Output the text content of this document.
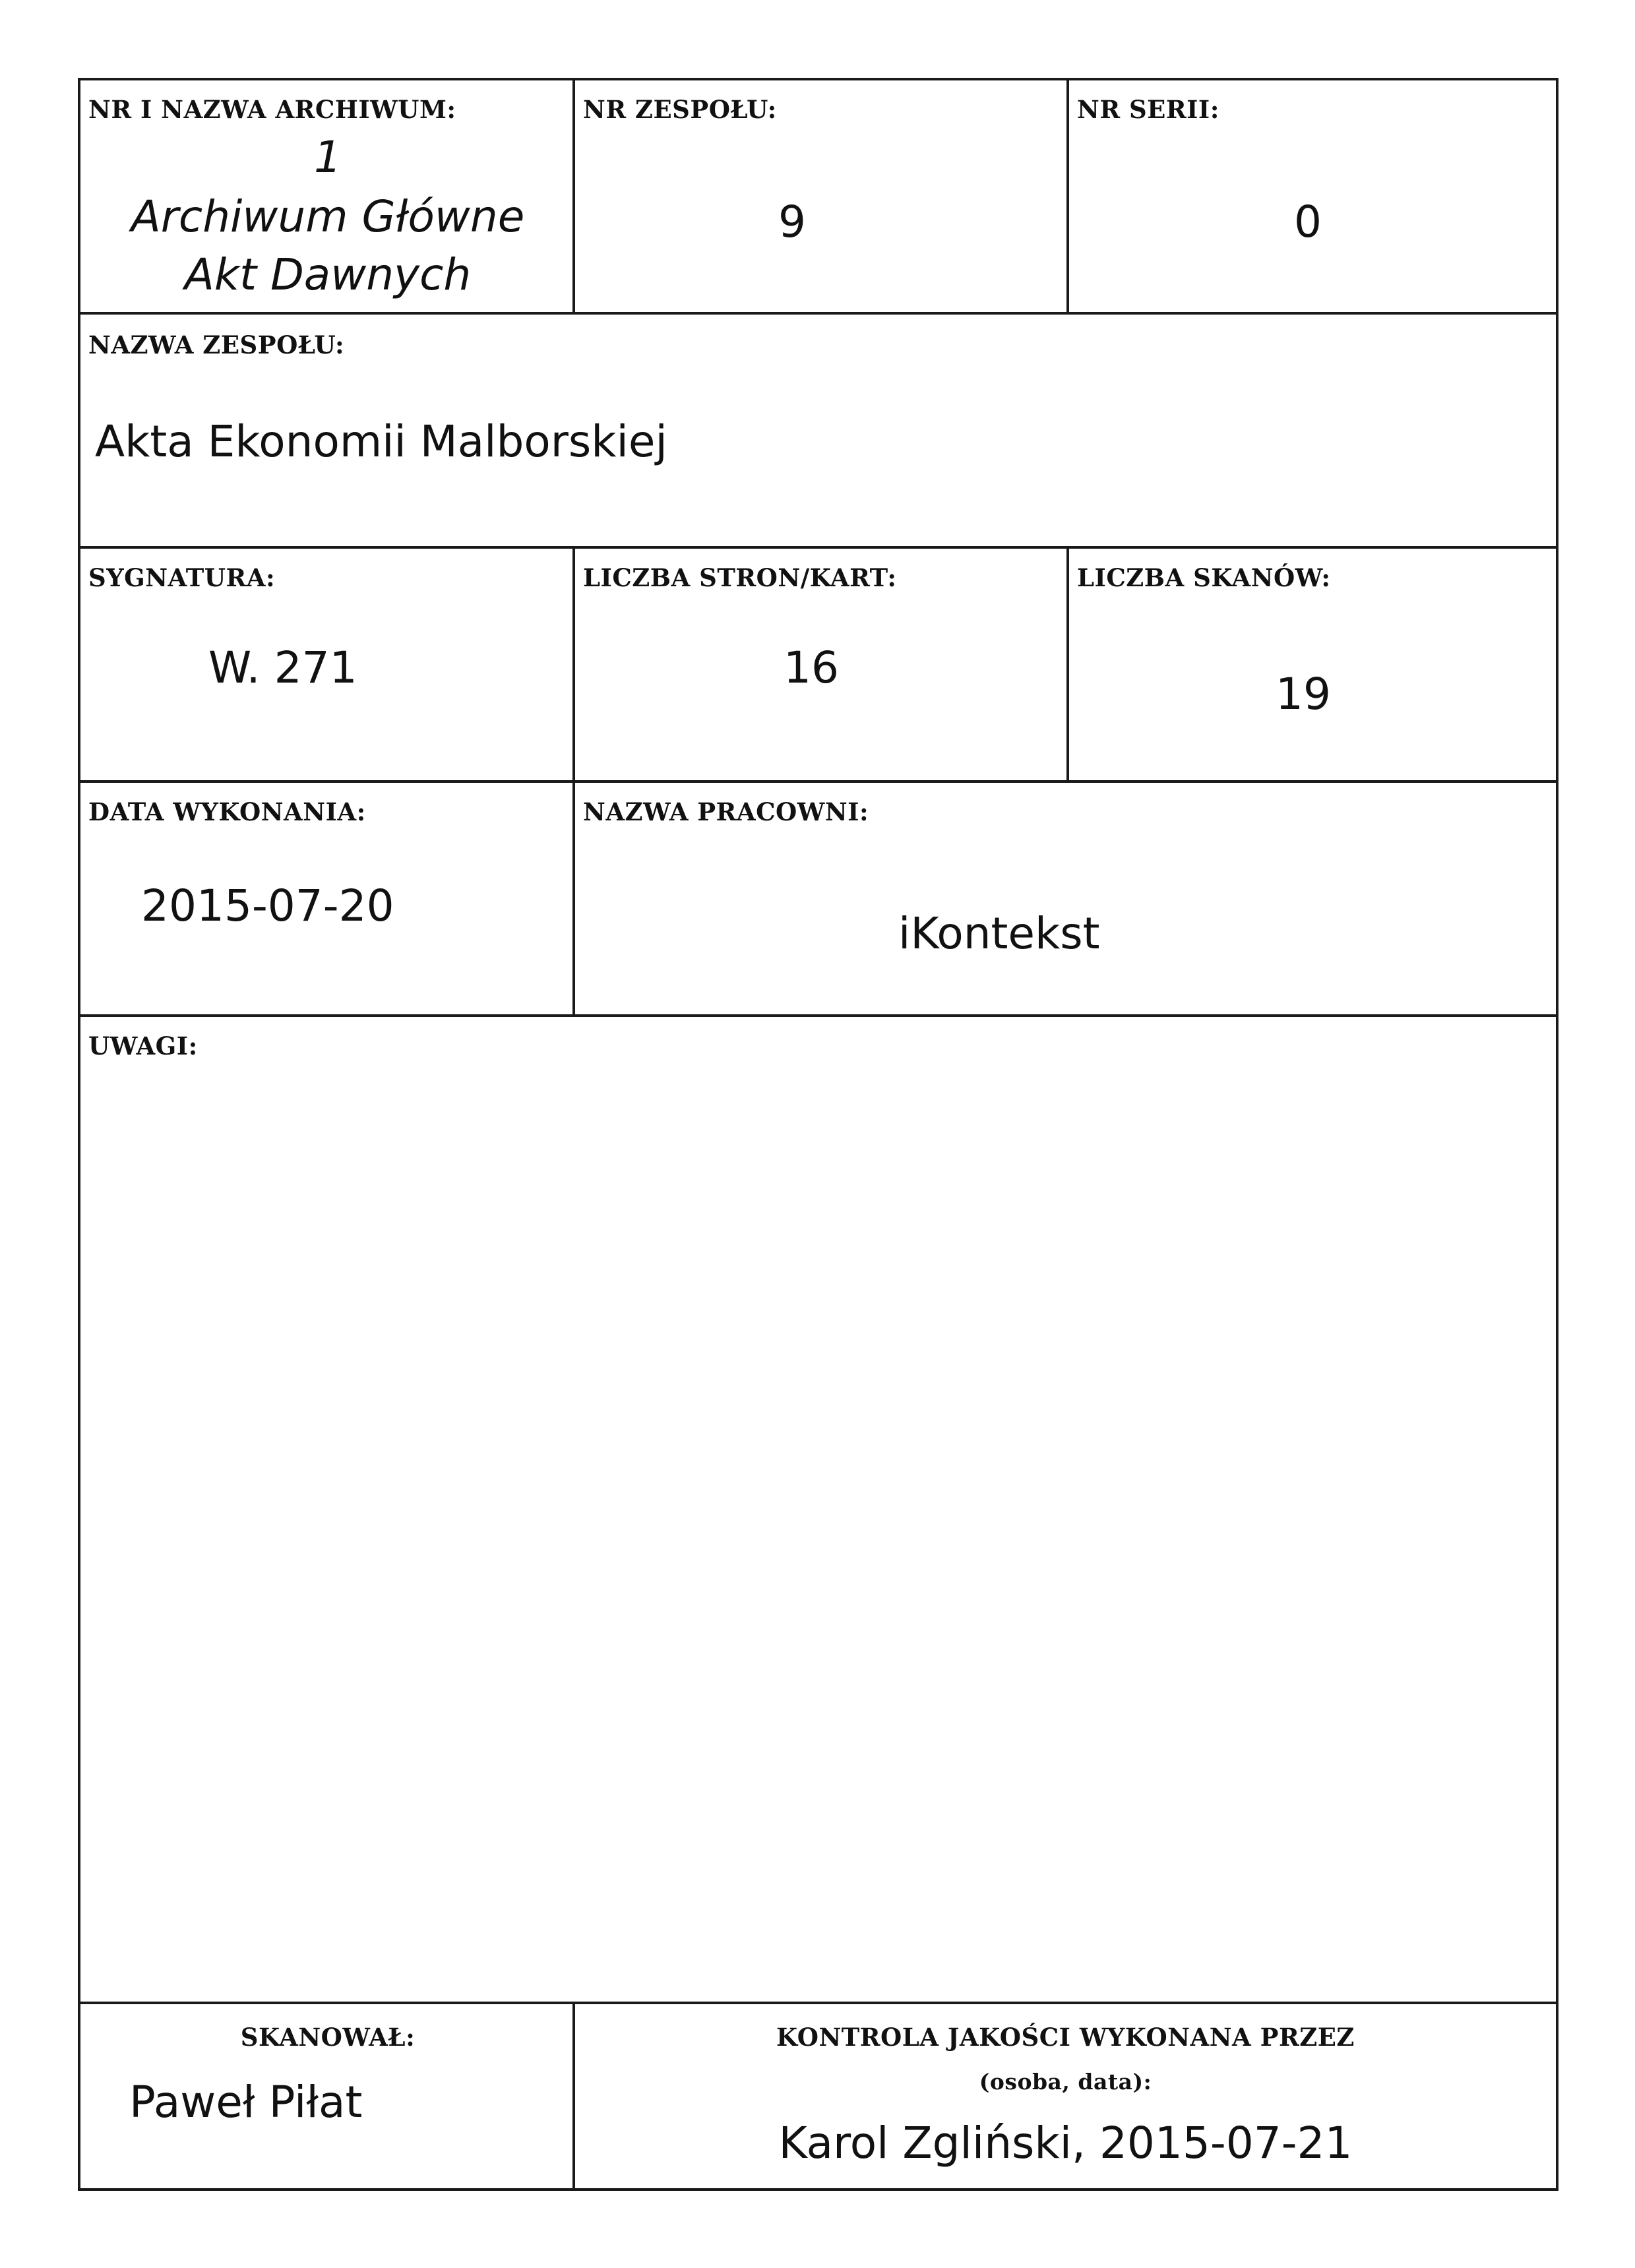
NR I NAZWA ARCHIWUM:
1
Archiwum Główne
Akt Dawnych
NR ZESPOŁU:
9
NR SERII:
0
NAZWA ZESPOŁU:
Akta Ekonomii Malborskiej
SYGNATURA:
W. 271
LICZBA STRON/KART:
16
LICZBA SKANÓW:
19
DATA WYKONANIA:
2015-07-20
NAZWA PRACOWNI:
iKontekst
UWAGI:
SKANOWAŁ:
Paweł Piłat
KONTROLA JAKOŚCI WYKONANA PRZEZ
(osoba, data):
Karol Zgliński, 2015-07-21
